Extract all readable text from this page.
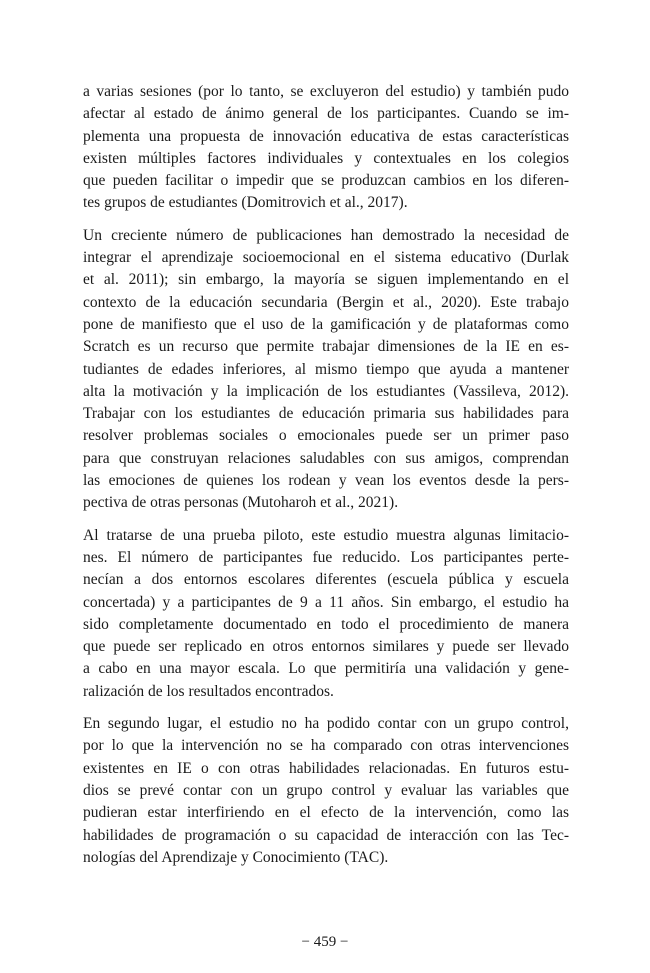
a varias sesiones (por lo tanto, se excluyeron del estudio) y también pudo
afectar al estado de ánimo general de los participantes. Cuando se im-
plementa una propuesta de innovación educativa de estas características
existen múltiples factores individuales y contextuales en los colegios
que pueden facilitar o impedir que se produzcan cambios en los diferen-
tes grupos de estudiantes (Domitrovich et al., 2017).
Un creciente número de publicaciones han demostrado la necesidad de
integrar el aprendizaje socioemocional en el sistema educativo (Durlak
et al. 2011); sin embargo, la mayoría se siguen implementando en el
contexto de la educación secundaria (Bergin et al., 2020). Este trabajo
pone de manifiesto que el uso de la gamificación y de plataformas como
Scratch es un recurso que permite trabajar dimensiones de la IE en es-
tudiantes de edades inferiores, al mismo tiempo que ayuda a mantener
alta la motivación y la implicación de los estudiantes (Vassileva, 2012).
Trabajar con los estudiantes de educación primaria sus habilidades para
resolver problemas sociales o emocionales puede ser un primer paso
para que construyan relaciones saludables con sus amigos, comprendan
las emociones de quienes los rodean y vean los eventos desde la pers-
pectiva de otras personas (Mutoharoh et al., 2021).
Al tratarse de una prueba piloto, este estudio muestra algunas limitacio-
nes. El número de participantes fue reducido. Los participantes perte-
necían a dos entornos escolares diferentes (escuela pública y escuela
concertada) y a participantes de 9 a 11 años. Sin embargo, el estudio ha
sido completamente documentado en todo el procedimiento de manera
que puede ser replicado en otros entornos similares y puede ser llevado
a cabo en una mayor escala. Lo que permitiría una validación y gene-
ralización de los resultados encontrados.
En segundo lugar, el estudio no ha podido contar con un grupo control,
por lo que la intervención no se ha comparado con otras intervenciones
existentes en IE o con otras habilidades relacionadas. En futuros estu-
dios se prevé contar con un grupo control y evaluar las variables que
pudieran estar interfiriendo en el efecto de la intervención, como las
habilidades de programación o su capacidad de interacción con las Tec-
nologías del Aprendizaje y Conocimiento (TAC).
− 459 −
